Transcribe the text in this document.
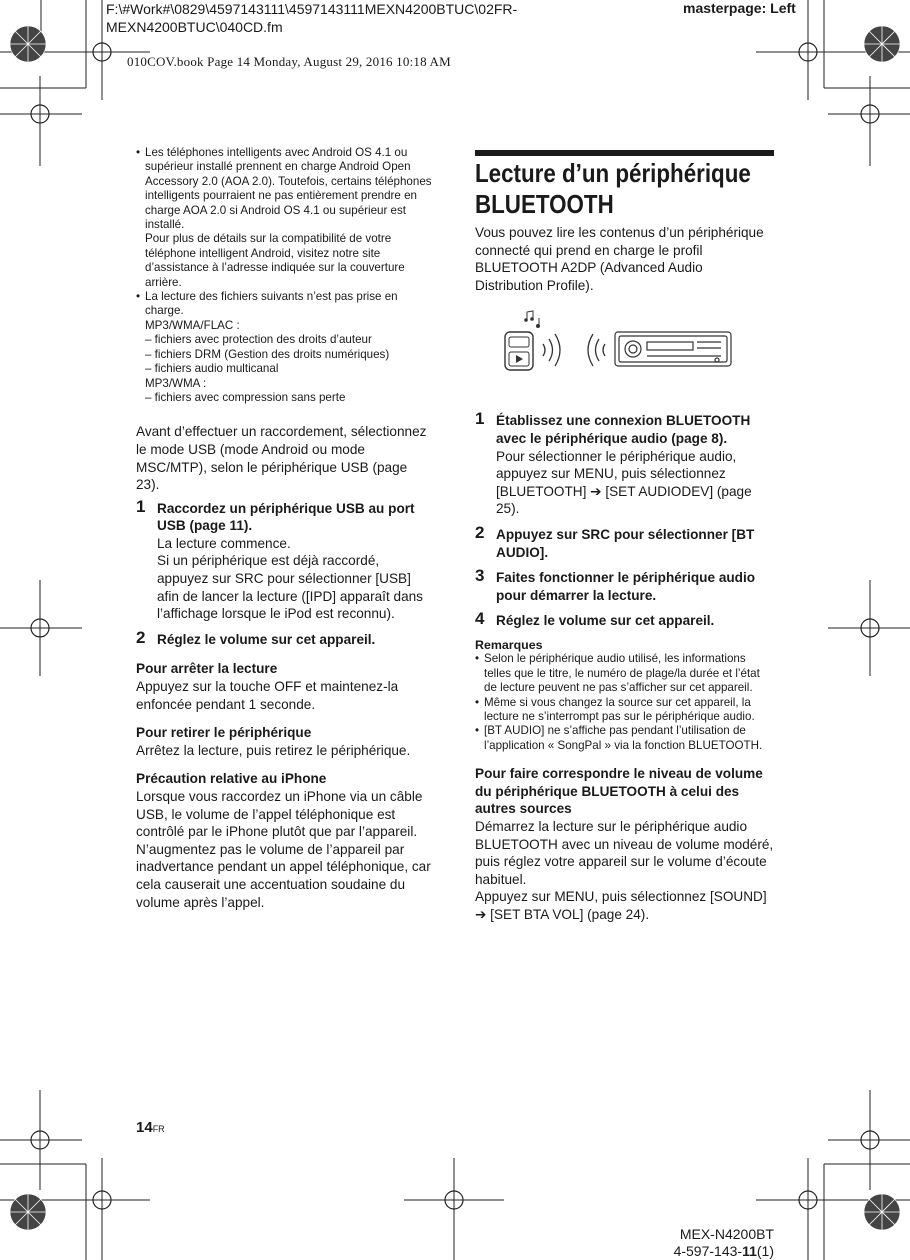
F:\#Work#\0829\4597143111\4597143111MEXN4200BTUC\02FR-MEXN4200BTUC\040CD.fm
masterpage: Left
010COV.book Page 14 Monday, August 29, 2016 10:18 AM

• Les téléphones intelligents avec Android OS 4.1 ou supérieur installé prennent en charge Android Open Accessory 2.0 (AOA 2.0). Toutefois, certains téléphones intelligents pourraient ne pas entièrement prendre en charge AOA 2.0 si Android OS 4.1 ou supérieur est installé.

Pour plus de détails sur la compatibilité de votre téléphone intelligent Android, visitez notre site d’assistance à l’adresse indiquée sur la couverture arrière.

• La lecture des fichiers suivants n’est pas prise en charge.

MP3/WMA/FLAC :

– fichiers avec protection des droits d’auteur

– fichiers DRM (Gestion des droits numériques)

– fichiers audio multicanal

MP3/WMA :

– fichiers avec compression sans perte

Avant d’effectuer un raccordement, sélectionnez le mode USB (mode Android ou mode MSC/MTP), selon le périphérique USB (page 23).

1 Raccordez un périphérique USB au port USB (page 11).

La lecture commence.

Si un périphérique est déjà raccordé, appuyez sur SRC pour sélectionner [USB] afin de lancer la lecture ([IPD] apparaît dans l’affichage lorsque le iPod est reconnu).

2 Réglez le volume sur cet appareil.

Pour arrêter la lecture

Appuyez sur la touche OFF et maintenez-la enfoncée pendant 1 seconde.

Pour retirer le périphérique

Arrêtez la lecture, puis retirez le périphérique.

Précaution relative au iPhone

Lorsque vous raccordez un iPhone via un câble USB, le volume de l’appel téléphonique est contrôlé par le iPhone plutôt que par l’appareil. N’augmentez pas le volume de l’appareil par inadvertance pendant un appel téléphonique, car cela causerait une accentuation soudaine du volume après l’appel.

Lecture d’un périphérique BLUETOOTH

Vous pouvez lire les contenus d’un périphérique connecté qui prend en charge le profil BLUETOOTH A2DP (Advanced Audio Distribution Profile).

1 Établissez une connexion BLUETOOTH avec le périphérique audio (page 8).

Pour sélectionner le périphérique audio, appuyez sur MENU, puis sélectionnez [BLUETOOTH] ➔ [SET AUDIODEV] (page 25).

2 Appuyez sur SRC pour sélectionner [BT AUDIO].

3 Faites fonctionner le périphérique audio pour démarrer la lecture.

4 Réglez le volume sur cet appareil.

Remarques

• Selon le périphérique audio utilisé, les informations telles que le titre, le numéro de plage/la durée et l’état de lecture peuvent ne pas s’afficher sur cet appareil.

• Même si vous changez la source sur cet appareil, la lecture ne s’interrompt pas sur le périphérique audio.

• [BT AUDIO] ne s’affiche pas pendant l’utilisation de l’application « SongPal » via la fonction BLUETOOTH.

Pour faire correspondre le niveau de volume du périphérique BLUETOOTH à celui des autres sources

Démarrez la lecture sur le périphérique audio BLUETOOTH avec un niveau de volume modéré, puis réglez votre appareil sur le volume d’écoute habituel.

Appuyez sur MENU, puis sélectionnez [SOUND] ➔ [SET BTA VOL] (page 24).

14FR
MEX-N4200BT
4-597-143-11(1)
